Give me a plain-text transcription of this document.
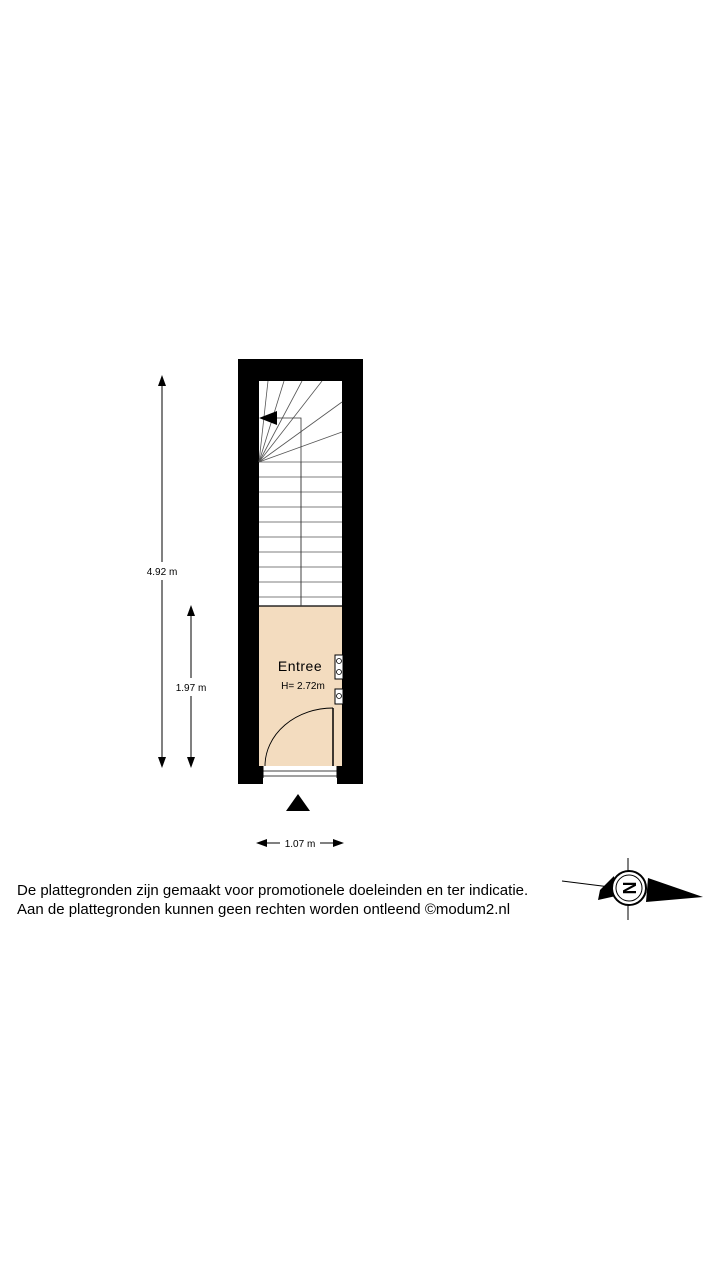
Entree
H= 2.72m
4.92 m
1.97 m
1.07 m
N
De plattegronden zijn gemaakt voor promotionele doeleinden en ter indicatie.
Aan de plattegronden kunnen geen rechten worden ontleend ©modum2.nl
